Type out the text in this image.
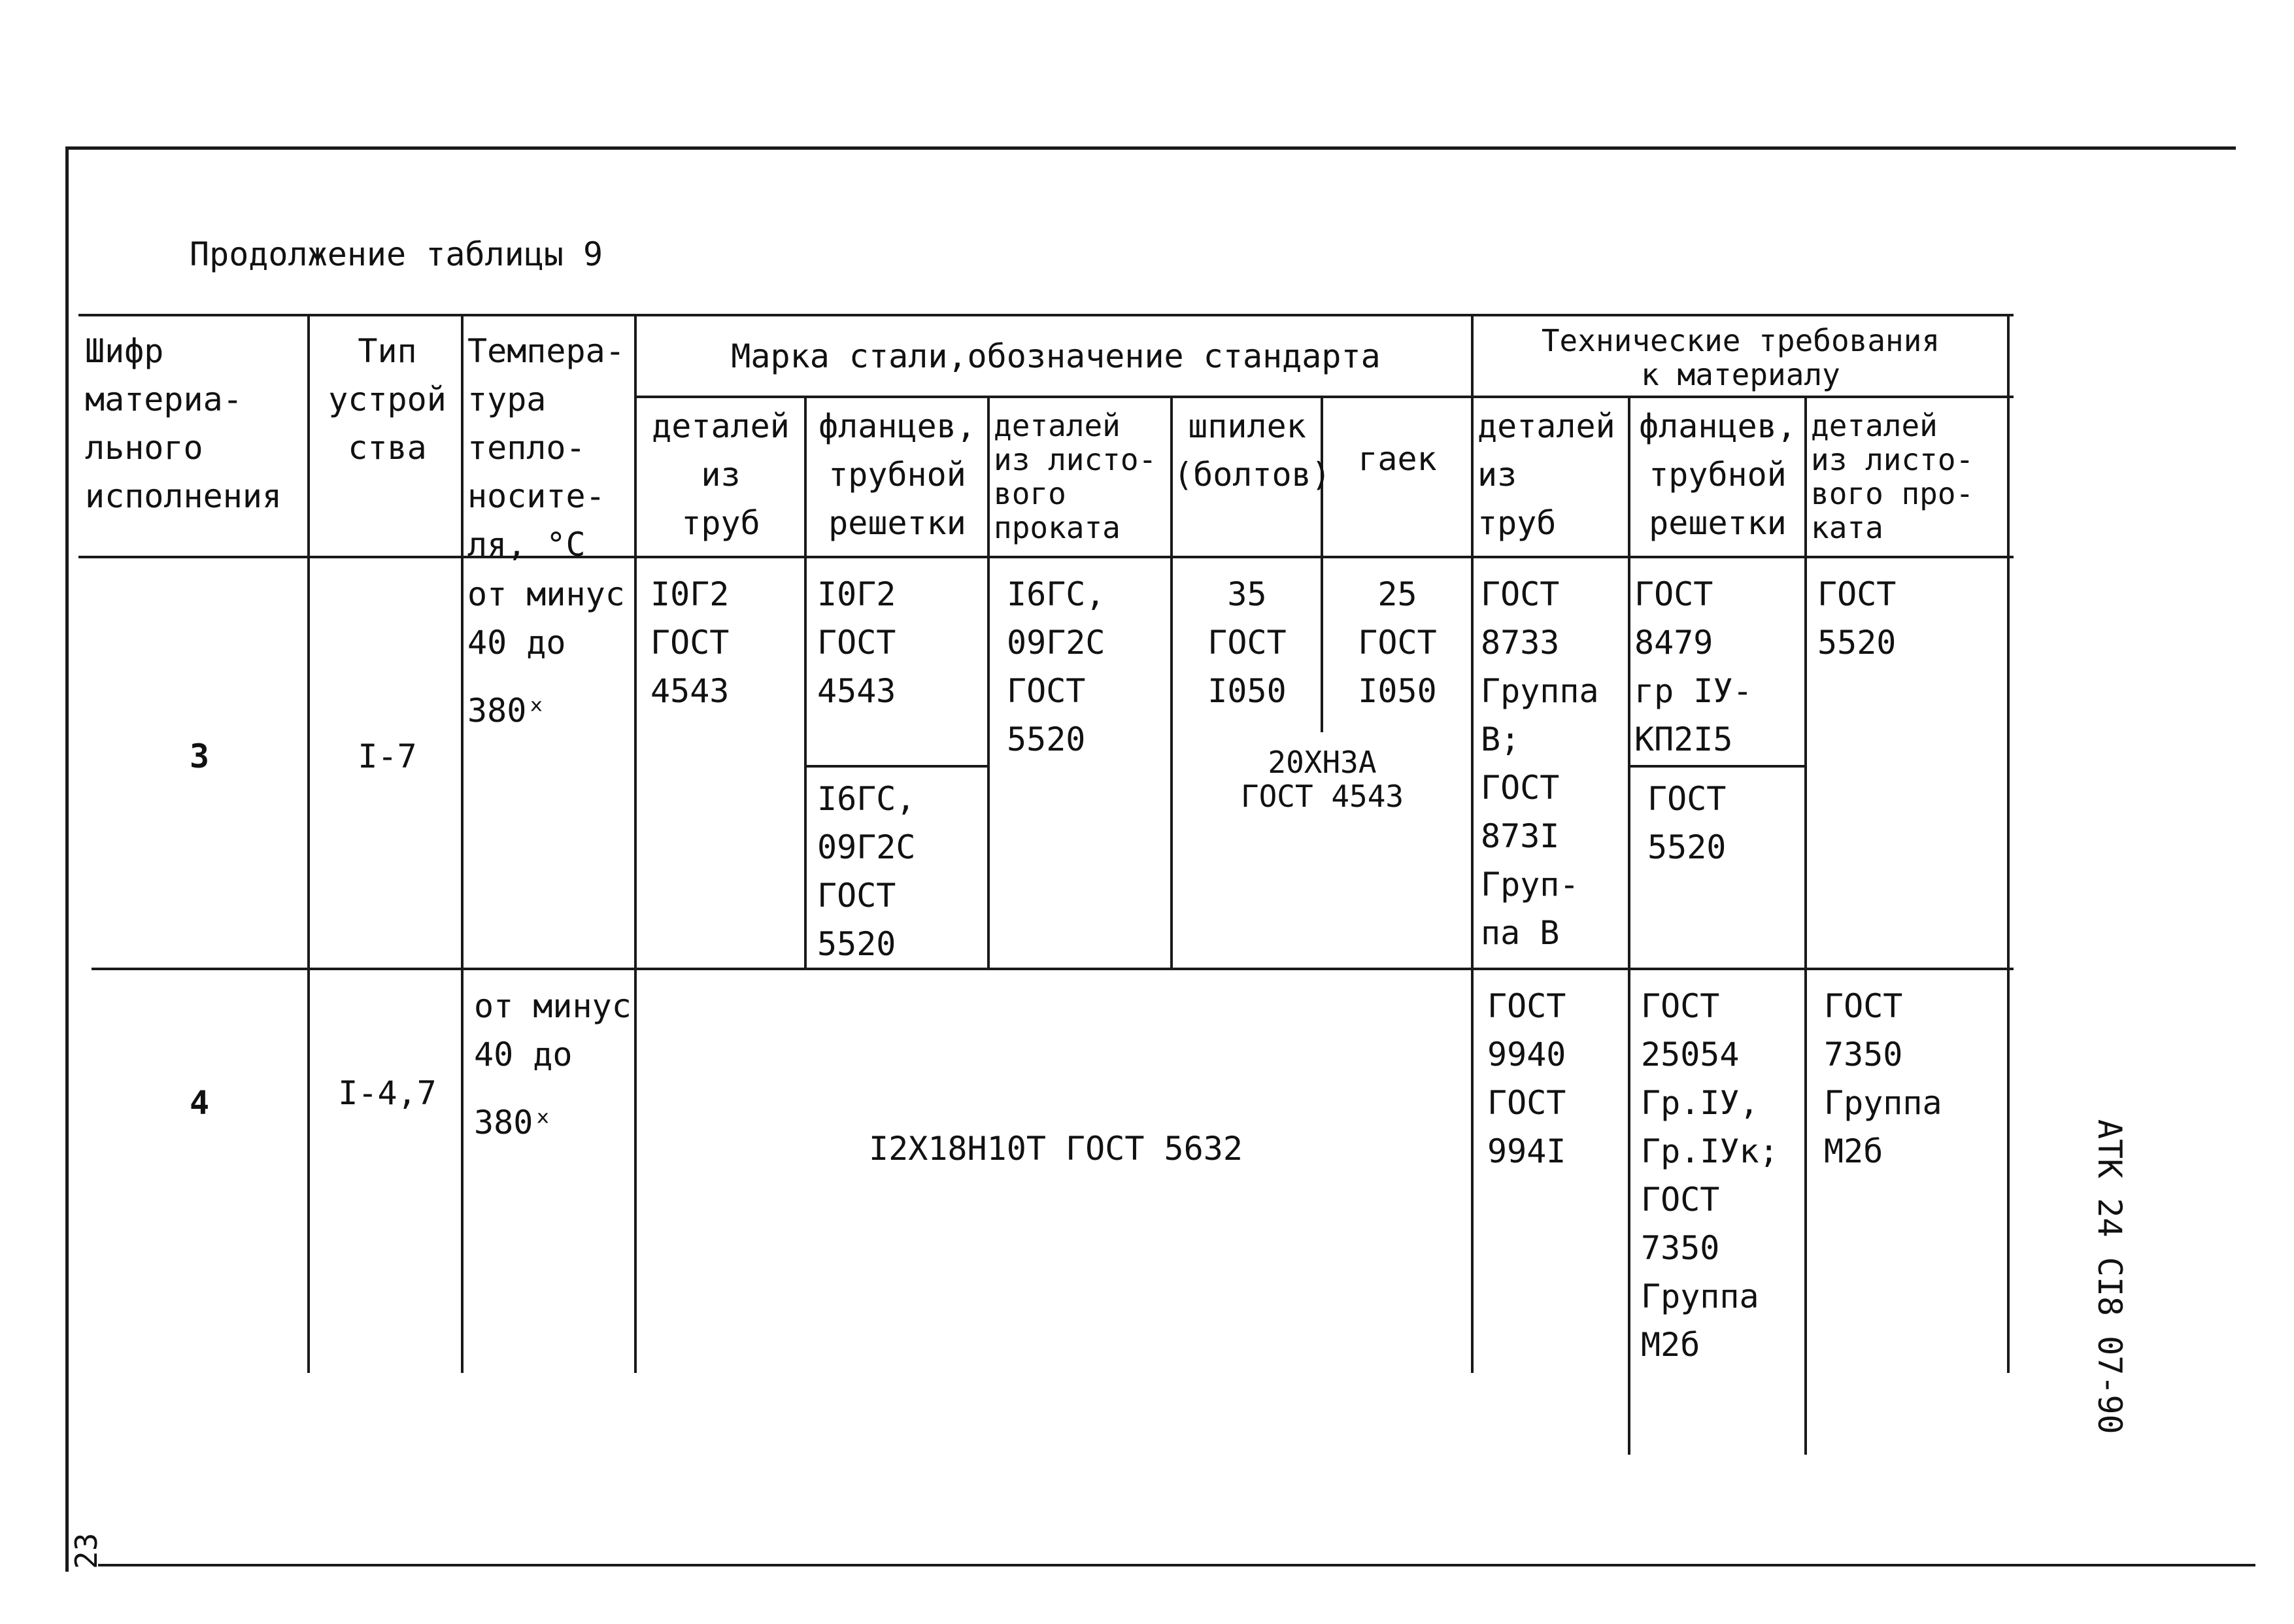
Продолжение таблицы 9
АТК 24 СI8 07-90
23
Шифр
материа-
льного
исполнения
Тип
устрой
ства
Темпера-
тура
тепло-
носите-
ля, °С
Марка стали,обозначение стандарта
деталей
из
труб
фланцев,
трубной
решетки
деталей
из листо-
вого
проката
шпилек
(болтов) гаек
Технические требования
к материалу
деталей
из
труб
фланцев,
трубной
решетки
деталей
из листо-
вого про-
ката
3	I-7
от минус
40 до
380ˣ
I0Г2
ГОСТ
4543
I0Г2
ГОСТ
4543
I6ГС,
09Г2С
ГОСТ
5520
I6ГС,
09Г2С
ГОСТ
5520
35
ГОСТ
I050
25
ГОСТ
I050
20ХН3А
ГОСТ 4543
ГОСТ
8733
Группа
В;
ГОСТ
873I
Груп-
па В
ГОСТ
8479
гр IУ-
КП2I5
ГОСТ
5520
ГОСТ
5520
4	I-4,7
от минус
40 до
380ˣ
I2Х18Н10Т ГОСТ 5632
ГОСТ
9940
ГОСТ
994I
ГОСТ
25054
Гр.IУ,
Гр.IУк;
ГОСТ
7350
Группа
М2б
ГОСТ
7350
Группа
М2б
